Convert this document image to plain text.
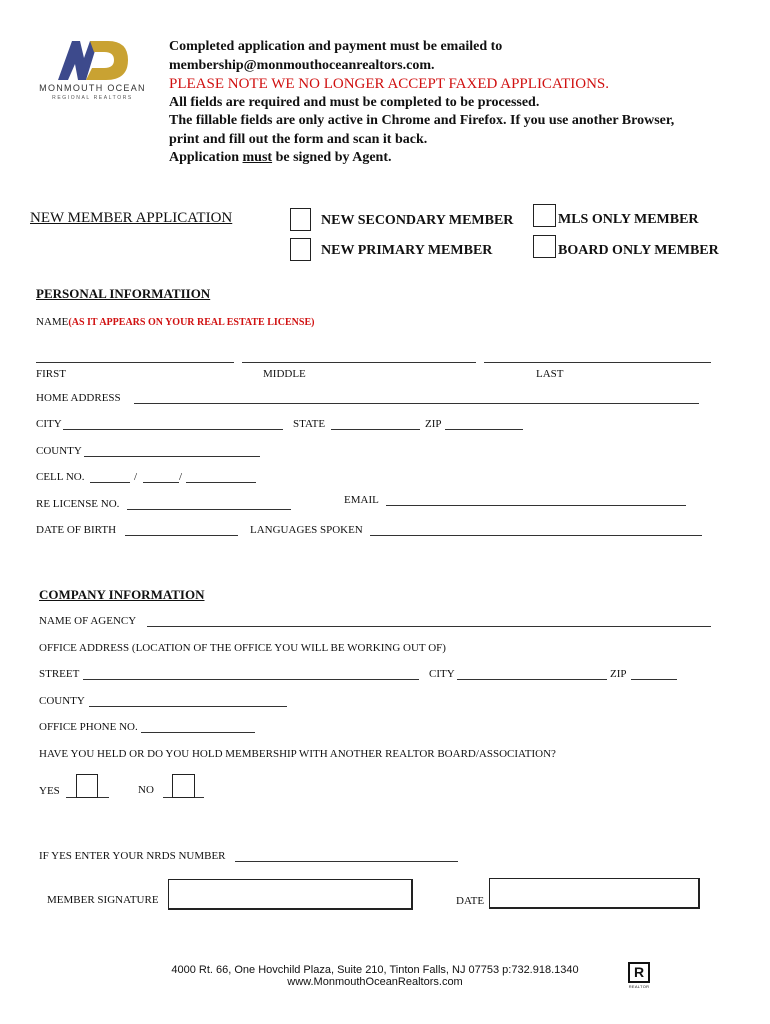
MONMOUTH OCEAN
REGIONAL REALTORS
Completed application and payment must be emailed to
membership@monmouthoceanrealtors.com.
PLEASE NOTE WE NO LONGER ACCEPT FAXED APPLICATIONS.
All fields are required and must be completed to be processed.
The fillable fields are only active in Chrome and Firefox. If you use another Browser,
print and fill out the form and scan it back.
Application must be signed by Agent.
NEW MEMBER APPLICATION	NEW SECONDARY MEMBER
NEW PRIMARY MEMBER
MLS ONLY MEMBER
BOARD ONLY MEMBER
PERSONAL INFORMATIION
NAME(AS IT APPEARS ON YOUR REAL ESTATE LICENSE)
FIRST	MIDDLE	LAST
HOME ADDRESS
CITY	STATE	ZIP
COUNTY
CELL NO.	/	/
RE LICENSE NO.	EMAIL
DATE OF BIRTH	LANGUAGES SPOKEN
COMPANY INFORMATION
NAME OF AGENCY
OFFICE ADDRESS (LOCATION OF THE OFFICE YOU WILL BE WORKING OUT OF)
STREET	CITY	ZIP
COUNTY
OFFICE PHONE NO.
HAVE YOU HELD OR DO YOU HOLD MEMBERSHIP WITH ANOTHER REALTOR BOARD/ASSOCIATION?
YES	NO
IF YES ENTER YOUR NRDS NUMBER
MEMBER SIGNATURE	DATE
4000 Rt. 66, One Hovchild Plaza, Suite 210, Tinton Falls, NJ 07753 p:732.918.1340
www.MonmouthOceanRealtors.com
R
REALTOR
